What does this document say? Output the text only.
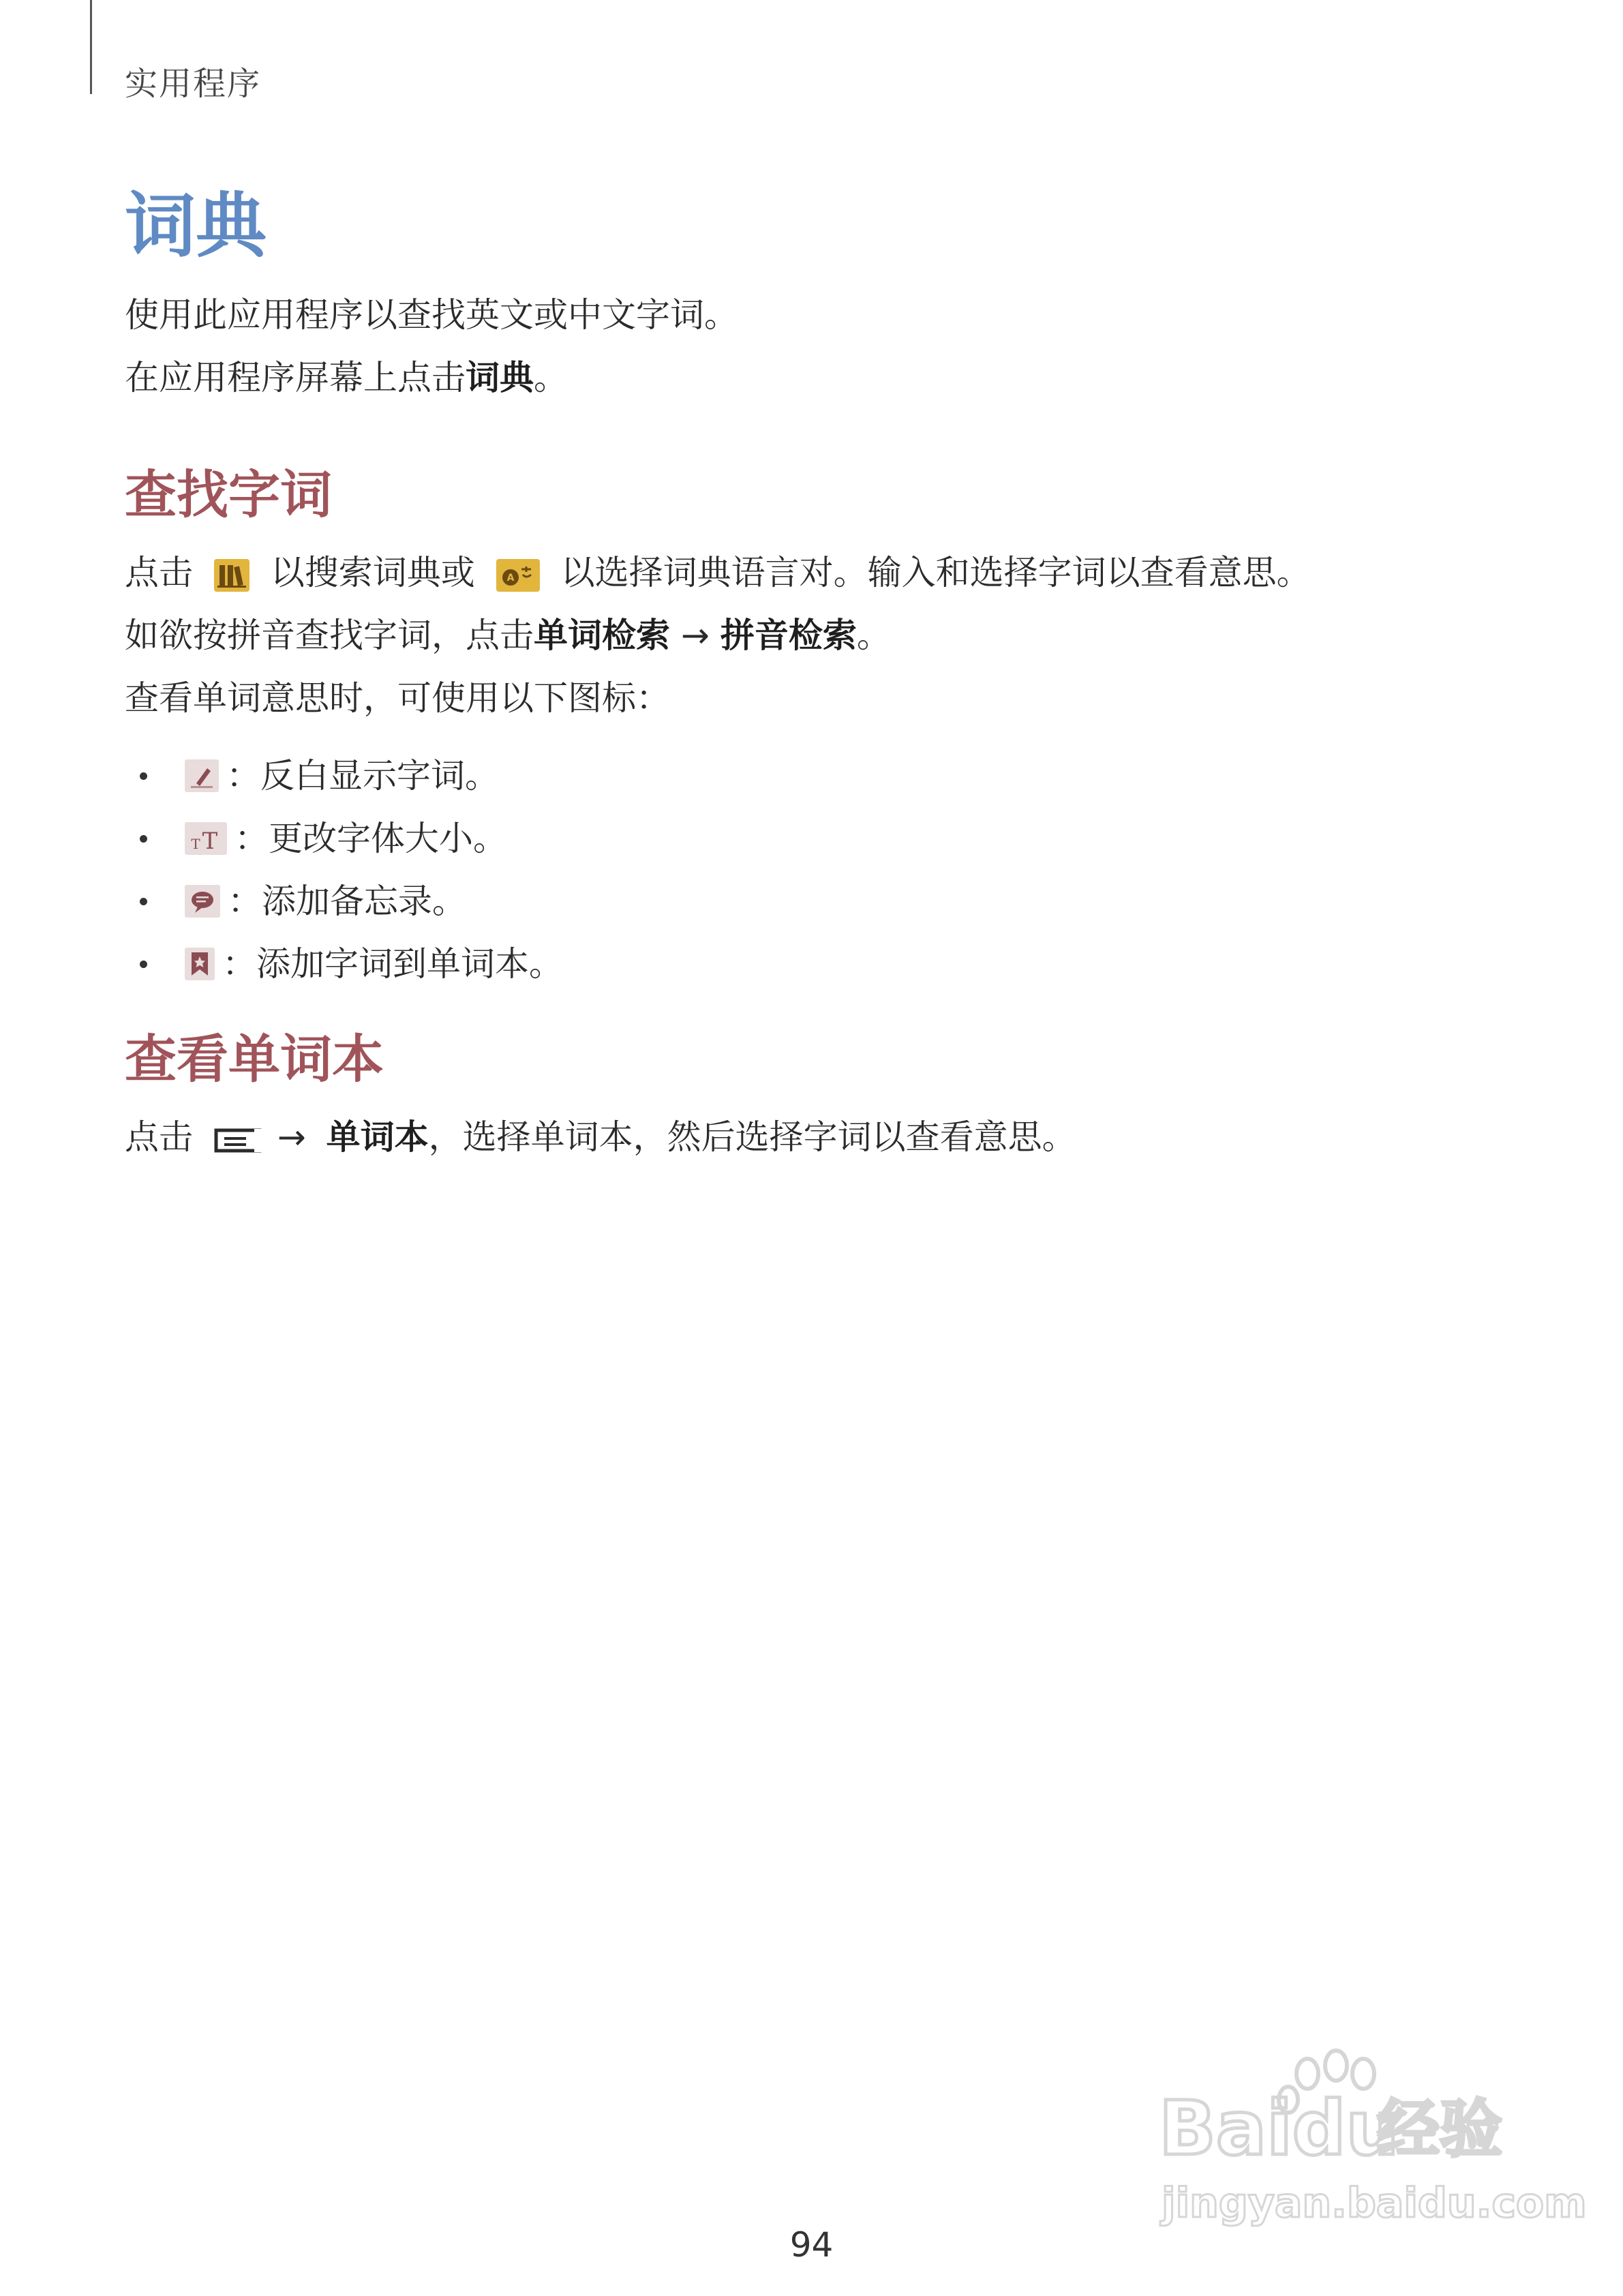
实用程序
词典
使用此应用程序以查找英文或中文字词。
在应用程序屏幕上点击词典。
查找字词
点击 以搜索词典或	A 以选择词典语言对。输入和选择字词以查看意思。
如欲按拼音查找字词，点击单词检索 → 拼音检索。
查看单词意思时，可使用以下图标：
：反白显示字词。
T T ：更改字体大小。
：添加备忘录。
：添加字词到单词本。
查看单词本
点击 → 单词本，选择单词本，然后选择字词以查看意思。
Baidu
经验
jingyan.baidu.com
94
